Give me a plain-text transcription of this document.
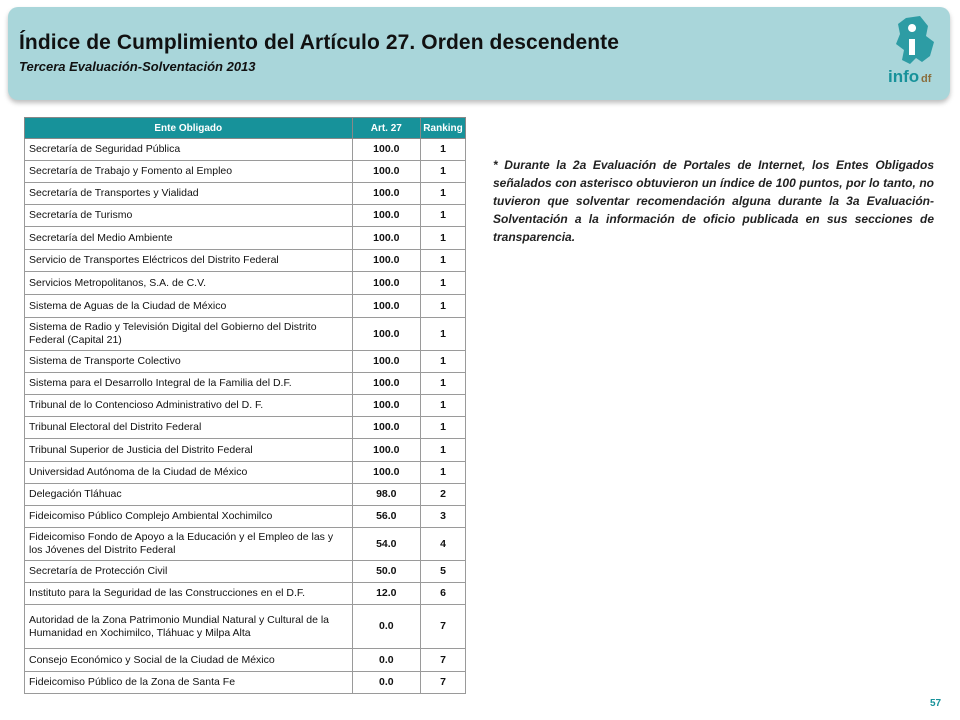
Índice de Cumplimiento del Artículo 27. Orden descendente
Tercera Evaluación-Solventación 2013
info df
Ente Obligado	Art. 27	Ranking
Secretaría de Seguridad Pública	100.0	1
Secretaría de Trabajo y Fomento al Empleo	100.0	1
Secretaría de Transportes y Vialidad	100.0	1
Secretaría de Turismo	100.0	1
Secretaría del Medio Ambiente	100.0	1
Servicio de Transportes Eléctricos del Distrito Federal	100.0	1
Servicios Metropolitanos, S.A. de C.V.	100.0	1
Sistema de Aguas de la Ciudad de México	100.0	1
Sistema de Radio y Televisión Digital del Gobierno del Distrito Federal (Capital 21)	100.0	1
Sistema de Transporte Colectivo	100.0	1
Sistema para el Desarrollo Integral de la Familia del D.F.	100.0	1
Tribunal de lo Contencioso Administrativo del D. F.	100.0	1
Tribunal Electoral del Distrito Federal	100.0	1
Tribunal Superior de Justicia del Distrito Federal	100.0	1
Universidad Autónoma de la Ciudad de México	100.0	1
Delegación Tláhuac	98.0	2
Fideicomiso Público Complejo Ambiental Xochimilco	56.0	3
Fideicomiso Fondo de Apoyo a la Educación y el Empleo de las y los Jóvenes del Distrito Federal	54.0	4
Secretaría de Protección Civil	50.0	5
Instituto para la Seguridad de las Construcciones en el D.F.	12.0	6
Autoridad de la Zona Patrimonio Mundial Natural y Cultural de la Humanidad en Xochimilco, Tláhuac y Milpa Alta	0.0	7
Consejo Económico y Social de la Ciudad de México	0.0	7
Fideicomiso Público de la Zona de Santa Fe	0.0	7
* Durante la 2a Evaluación de Portales de Internet, los Entes Obligados señalados con asterisco obtuvieron un índice de 100 puntos, por lo tanto, no tuvieron que solventar recomendación alguna durante la 3a Evaluación-Solventación a la información de oficio publicada en sus secciones de transparencia.
57
